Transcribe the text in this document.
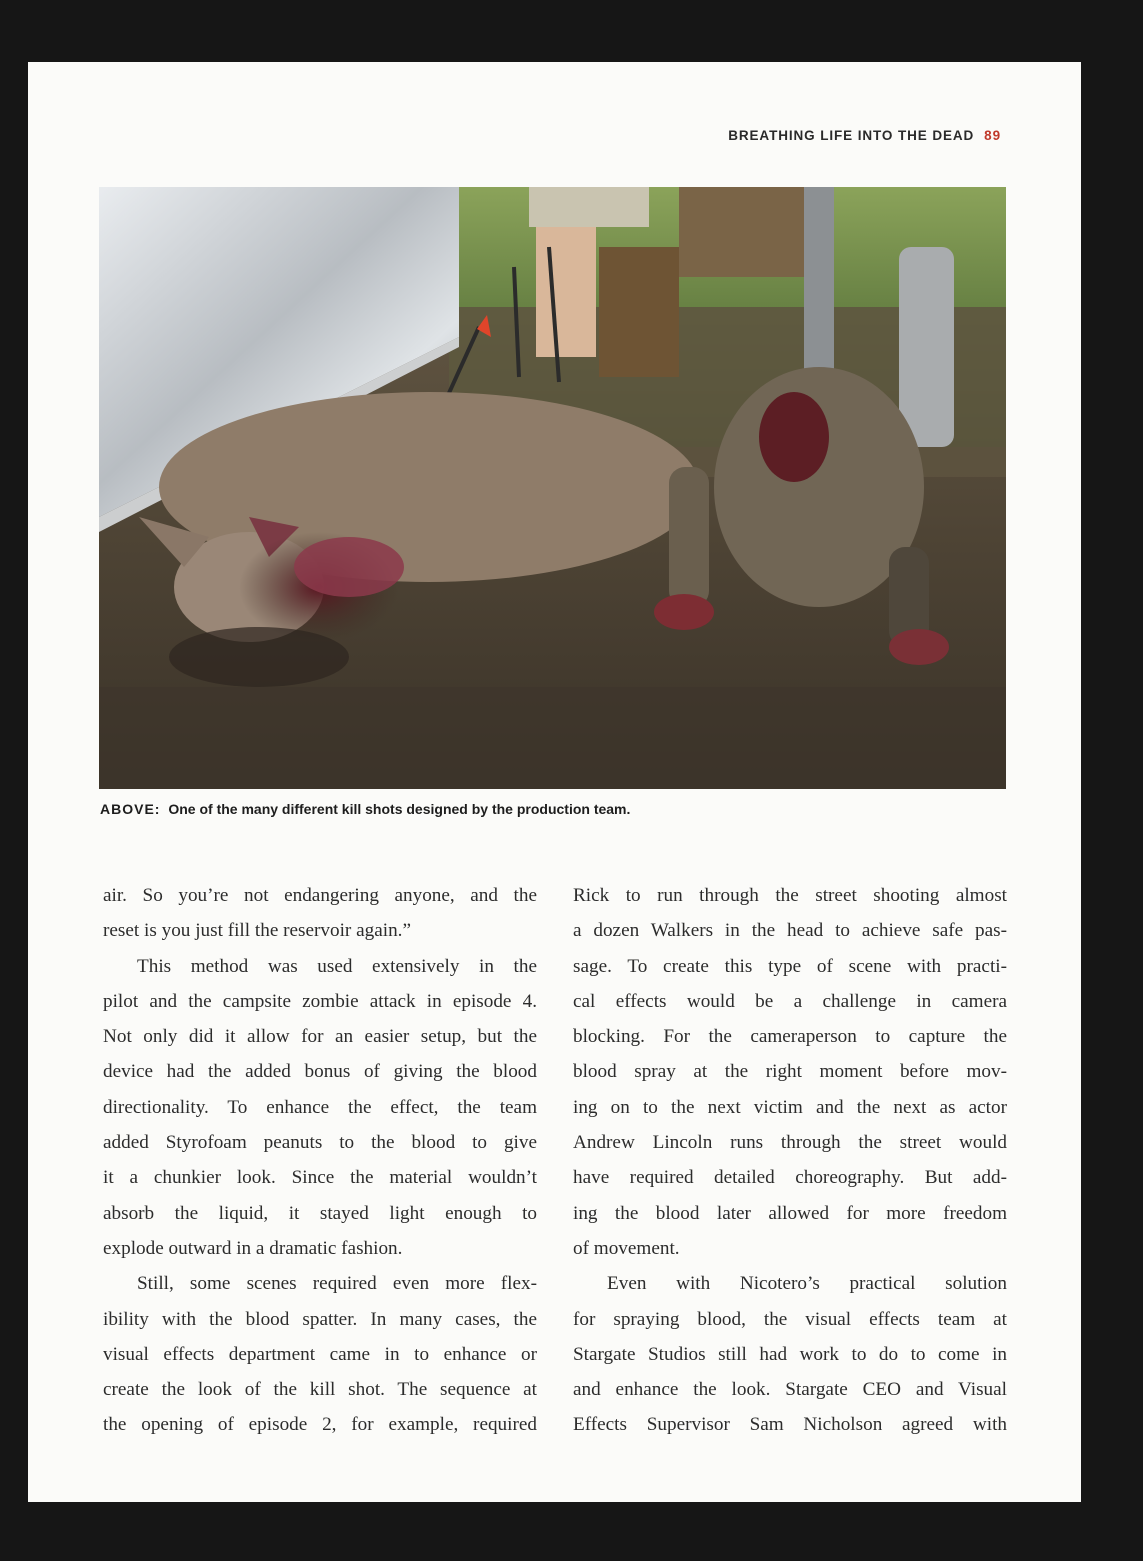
BREATHING LIFE INTO THE DEAD 89
ABOVE: One of the many different kill shots designed by the production team.
air. So you’re not endangering anyone, and the
reset is you just fill the reservoir again.”
This method was used extensively in the
pilot and the campsite zombie attack in episode 4.
Not only did it allow for an easier setup, but the
device had the added bonus of giving the blood
directionality. To enhance the effect, the team
added Styrofoam peanuts to the blood to give
it a chunkier look. Since the material wouldn’t
absorb the liquid, it stayed light enough to
explode outward in a dramatic fashion.
Still, some scenes required even more flex-
ibility with the blood spatter. In many cases, the
visual effects department came in to enhance or
create the look of the kill shot. The sequence at
the opening of episode 2, for example, required
Rick to run through the street shooting almost
a dozen Walkers in the head to achieve safe pas-
sage. To create this type of scene with practi-
cal effects would be a challenge in camera
blocking. For the cameraperson to capture the
blood spray at the right moment before mov-
ing on to the next victim and the next as actor
Andrew Lincoln runs through the street would
have required detailed choreography. But add-
ing the blood later allowed for more freedom
of movement.
Even with Nicotero’s practical solution
for spraying blood, the visual effects team at
Stargate Studios still had work to do to come in
and enhance the look. Stargate CEO and Visual
Effects Supervisor Sam Nicholson agreed with
